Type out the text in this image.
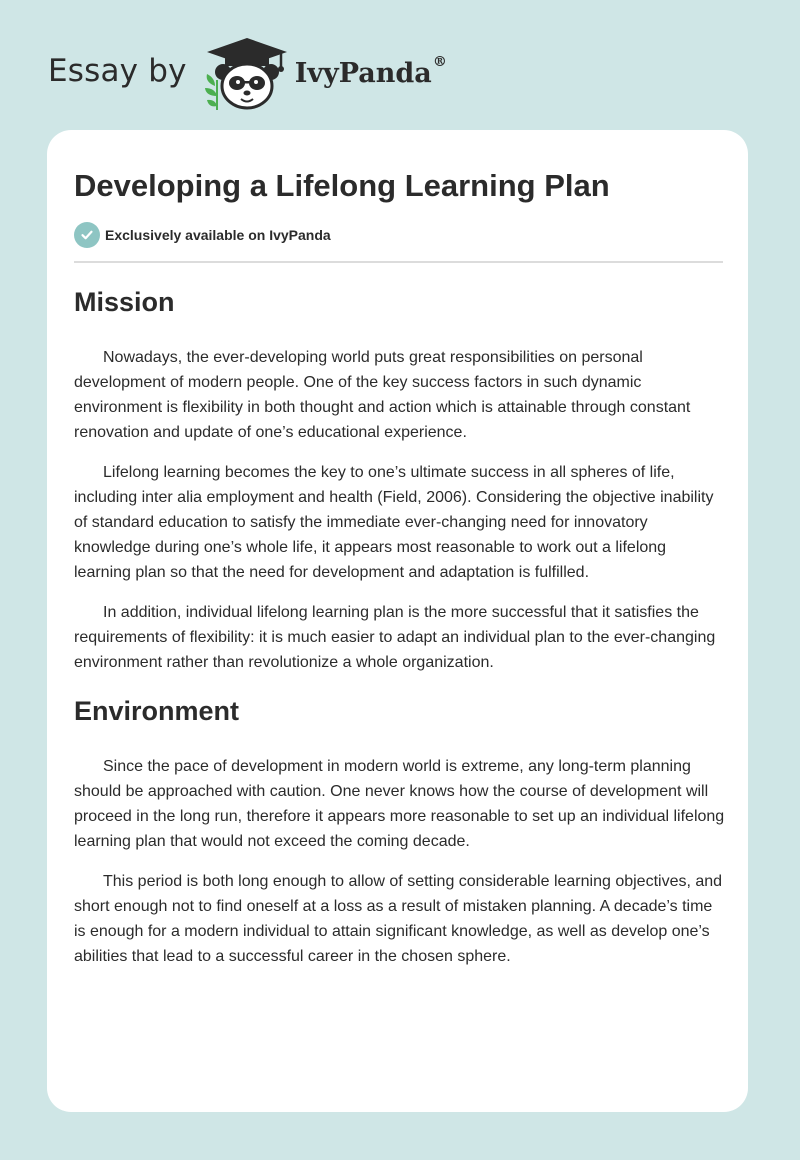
Essay by	IvyPanda®
Developing a Lifelong Learning Plan
Exclusively available on IvyPanda
Mission

Nowadays, the ever-developing world puts great responsibilities on personal development of modern people. One of the key success factors in such dynamic environment is flexibility in both thought and action which is attainable through constant renovation and update of one’s educational experience.

Lifelong learning becomes the key to one’s ultimate success in all spheres of life, including inter alia employment and health (Field, 2006). Considering the objective inability of standard education to satisfy the immediate ever-changing need for innovatory knowledge during one’s whole life, it appears most reasonable to work out a lifelong learning plan so that the need for development and adaptation is fulfilled.

In addition, individual lifelong learning plan is the more successful that it satisfies the requirements of flexibility: it is much easier to adapt an individual plan to the ever-changing environment rather than revolutionize a whole organization.

Environment

Since the pace of development in modern world is extreme, any long-term planning should be approached with caution. One never knows how the course of development will proceed in the long run, therefore it appears more reasonable to set up an individual lifelong learning plan that would not exceed the coming decade.

This period is both long enough to allow of setting considerable learning objectives, and short enough not to find oneself at a loss as a result of mistaken planning. A decade’s time is enough for a modern individual to attain significant knowledge, as well as develop one’s abilities that lead to a successful career in the chosen sphere.
